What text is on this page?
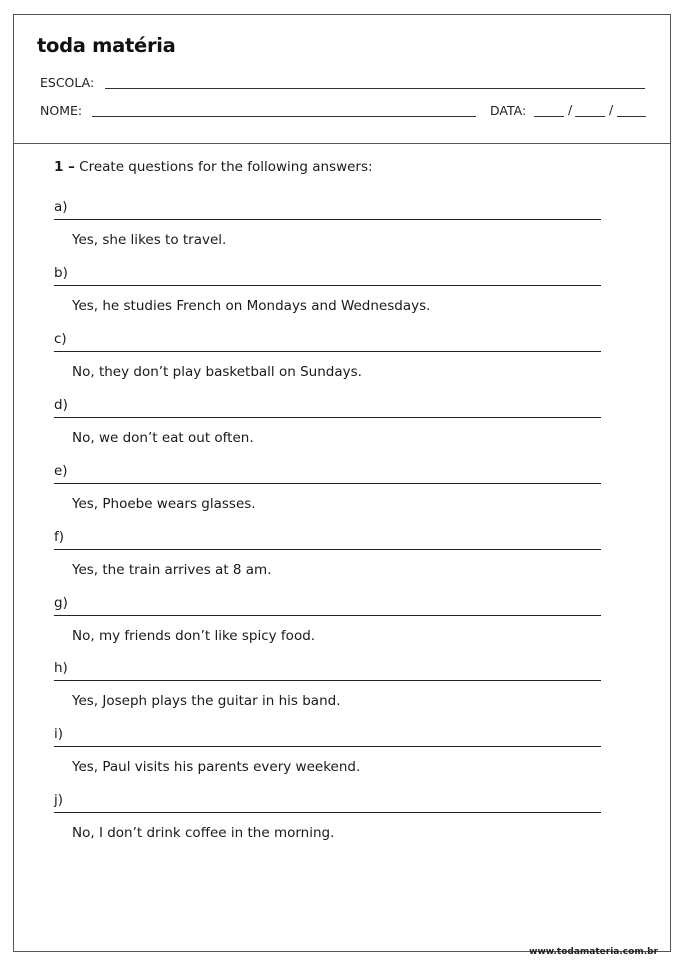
toda matéria
ESCOLA:
NOME:	DATA:	/	/
1 – Create questions for the following answers:
a)
Yes, she likes to travel.
b)
Yes, he studies French on Mondays and Wednesdays.
c)
No, they don’t play basketball on Sundays.
d)
No, we don’t eat out often.
e)
Yes, Phoebe wears glasses.
f)
Yes, the train arrives at 8 am.
g)
No, my friends don’t like spicy food.
h)
Yes, Joseph plays the guitar in his band.
i)
Yes, Paul visits his parents every weekend.
j)
No, I don’t drink coffee in the morning.
www.todamateria.com.br
